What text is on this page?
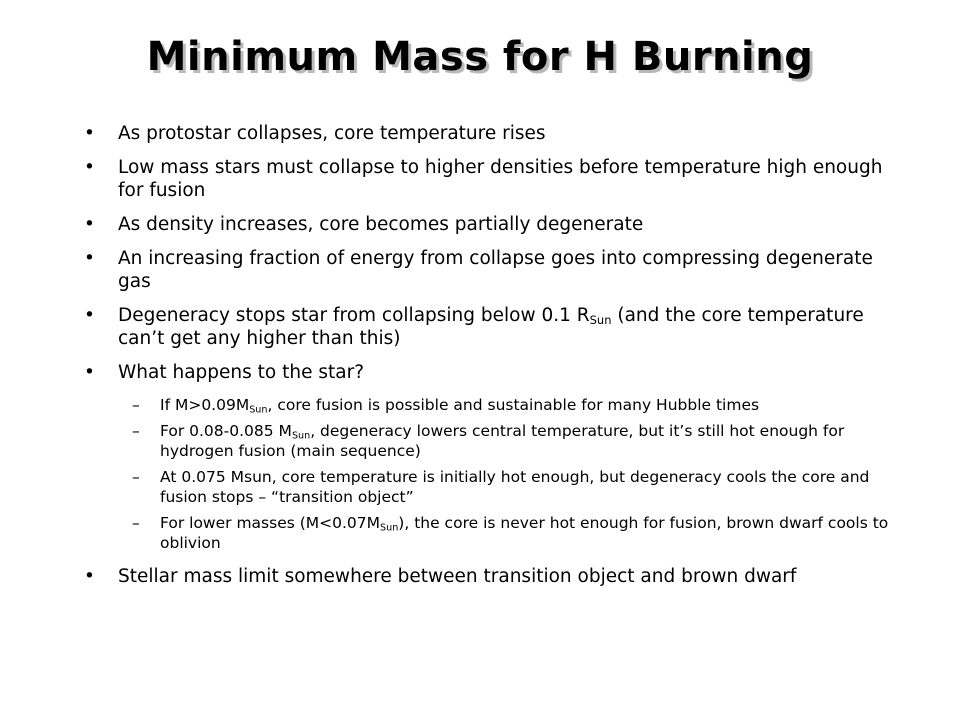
Minimum Mass for H Burning
• As protostar collapses, core temperature rises
• Low mass stars must collapse to higher densities before temperature high enough for fusion
• As density increases, core becomes partially degenerate
• An increasing fraction of energy from collapse goes into compressing degenerate gas
• Degeneracy stops star from collapsing below 0.1 $R_{Sun}$ (and the core temperature can’t get any higher than this)
• What happens to the star?
– If $M>0.09M_{Sun}$, core fusion is possible and sustainable for many Hubble times
– For 0.08-0.085 $M_{Sun}$, degeneracy lowers central temperature, but it’s still hot enough for hydrogen fusion (main sequence)
– At 0.075 Msun, core temperature is initially hot enough, but degeneracy cools the core and fusion stops – “transition object”
– For lower masses $(M<0.07M_{Sun})$, the core is never hot enough for fusion, brown dwarf cools to oblivion
• Stellar mass limit somewhere between transition object and brown dwarf
